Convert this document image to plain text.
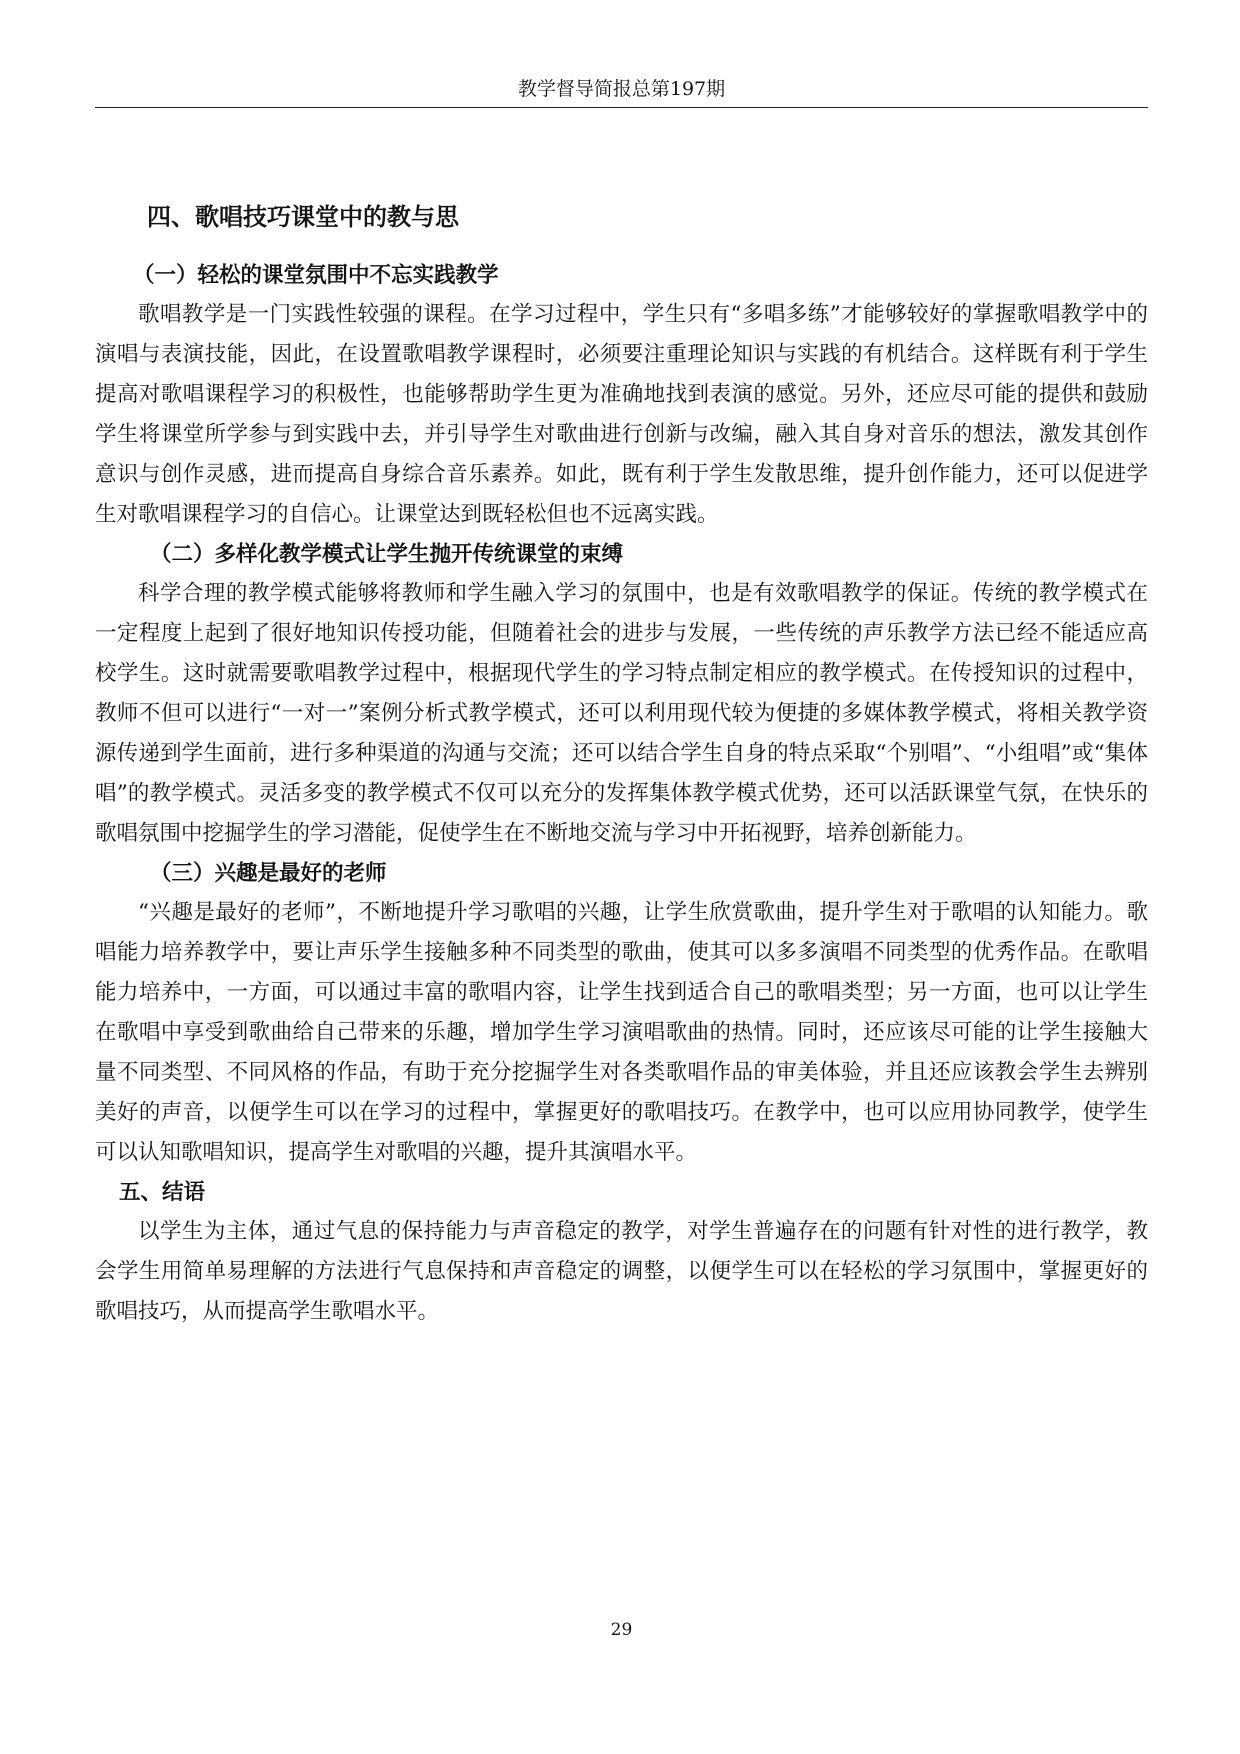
教学督导简报总第197期
四、歌唱技巧课堂中的教与思
（一）轻松的课堂氛围中不忘实践教学

歌唱教学是一门实践性较强的课程。在学习过程中，学生只有“多唱多练”才能够较好的掌握歌唱教学中的演唱与表演技能，因此，在设置歌唱教学课程时，必须要注重理论知识与实践的有机结合。这样既有利于学生提高对歌唱课程学习的积极性，也能够帮助学生更为准确地找到表演的感觉。另外，还应尽可能的提供和鼓励学生将课堂所学参与到实践中去，并引导学生对歌曲进行创新与改编，融入其自身对音乐的想法，激发其创作意识与创作灵感，进而提高自身综合音乐素养。如此，既有利于学生发散思维，提升创作能力，还可以促进学生对歌唱课程学习的自信心。让课堂达到既轻松但也不远离实践。

（二）多样化教学模式让学生抛开传统课堂的束缚

科学合理的教学模式能够将教师和学生融入学习的氛围中，也是有效歌唱教学的保证。传统的教学模式在一定程度上起到了很好地知识传授功能，但随着社会的进步与发展，一些传统的声乐教学方法已经不能适应高校学生。这时就需要歌唱教学过程中，根据现代学生的学习特点制定相应的教学模式。在传授知识的过程中，教师不但可以进行“一对一”案例分析式教学模式，还可以利用现代较为便捷的多媒体教学模式，将相关教学资源传递到学生面前，进行多种渠道的沟通与交流；还可以结合学生自身的特点采取“个别唱”、“小组唱”或“集体唱”的教学模式。灵活多变的教学模式不仅可以充分的发挥集体教学模式优势，还可以活跃课堂气氛，在快乐的歌唱氛围中挖掘学生的学习潜能，促使学生在不断地交流与学习中开拓视野，培养创新能力。

（三）兴趣是最好的老师

“兴趣是最好的老师”，不断地提升学习歌唱的兴趣，让学生欣赏歌曲，提升学生对于歌唱的认知能力。歌唱能力培养教学中，要让声乐学生接触多种不同类型的歌曲，使其可以多多演唱不同类型的优秀作品。在歌唱能力培养中，一方面，可以通过丰富的歌唱内容，让学生找到适合自己的歌唱类型；另一方面，也可以让学生在歌唱中享受到歌曲给自己带来的乐趣，增加学生学习演唱歌曲的热情。同时，还应该尽可能的让学生接触大量不同类型、不同风格的作品，有助于充分挖掘学生对各类歌唱作品的审美体验，并且还应该教会学生去辨别美好的声音，以便学生可以在学习的过程中，掌握更好的歌唱技巧。在教学中，也可以应用协同教学，使学生可以认知歌唱知识，提高学生对歌唱的兴趣，提升其演唱水平。

五、结语

以学生为主体，通过气息的保持能力与声音稳定的教学，对学生普遍存在的问题有针对性的进行教学，教会学生用简单易理解的方法进行气息保持和声音稳定的调整，以便学生可以在轻松的学习氛围中，掌握更好的歌唱技巧，从而提高学生歌唱水平。

29
